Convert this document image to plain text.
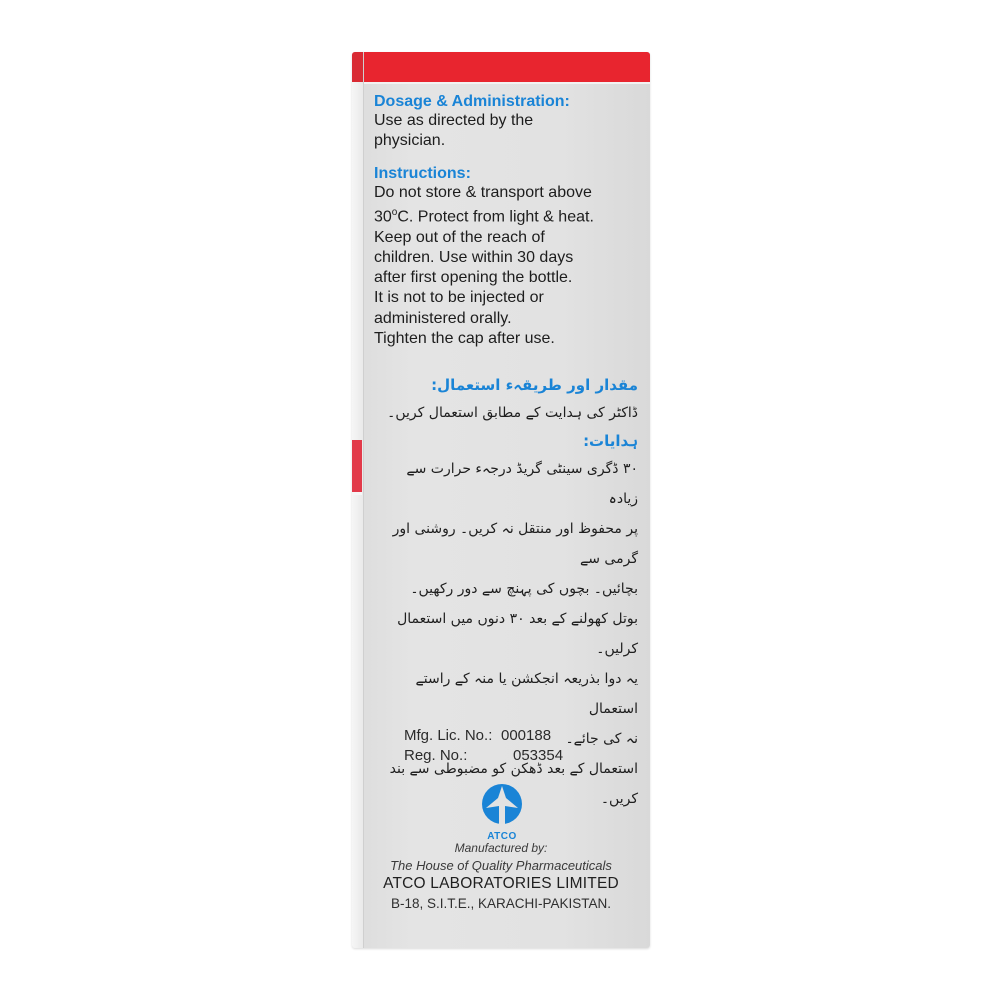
Dosage & Administration:

Use as directed by the

physician.

Instructions:

Do not store & transport above

30$^o$C. Protect from light & heat.

Keep out of the reach of

children. Use within 30 days

after first opening the bottle.

It is not to be injected or

administered orally.

Tighten the cap after use.

مقدار اور طریقہء استعمال:

ڈاکٹر کی ہدایت کے مطابق استعمال کریں۔

ہدایات:

۳۰ ڈگری سینٹی گریڈ درجہء حرارت سے زیادہ

پر محفوظ اور منتقل نہ کریں۔ روشنی اور گرمی سے

بچائیں۔ بچوں کی پہنچ سے دور رکھیں۔

بوتل کھولنے کے بعد ۳۰ دنوں میں استعمال کرلیں۔

یہ دوا بذریعہ انجکشن یا منہ کے راستے استعمال

نہ کی جائے۔

استعمال کے بعد ڈھکن کو مضبوطی سے بند کریں۔

Mfg. Lic. No.: 000188
Reg. No.:	053354
ATCO
Manufactured by:
The House of Quality Pharmaceuticals
ATCO LABORATORIES LIMITED
B-18, S.I.T.E., KARACHI-PAKISTAN.
